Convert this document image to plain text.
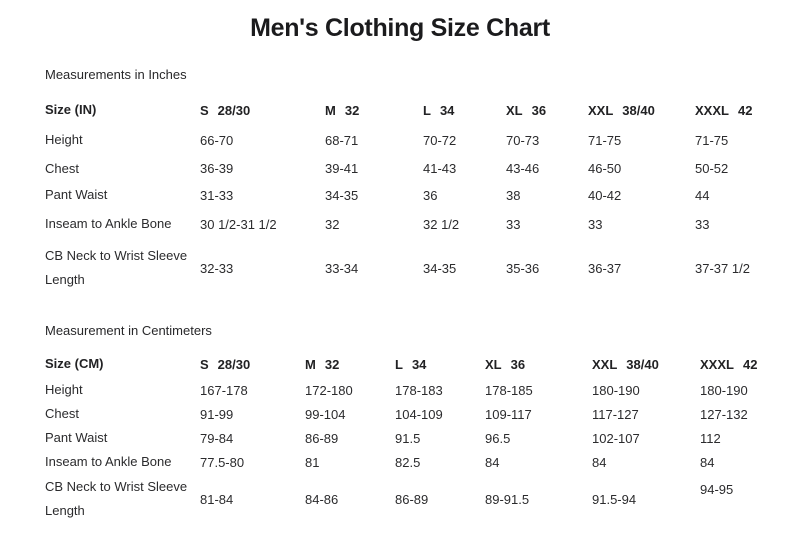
Men's Clothing Size Chart

Measurements in Inches

Size (IN)	S 28/30	M 32	L 34	XL 36	XXL 38/40	XXXL 42
Height	66-70	68-71	70-72	70-73	71-75	71-75
Chest	36-39	39-41	41-43	43-46	46-50	50-52
Pant Waist	31-33	34-35	36	38	40-42	44
Inseam to Ankle Bone	30 1/2-31 1/2	32	32 1/2	33	33	33
CB Neck to Wrist Sleeve Length	32-33	33-34	34-35	35-36	36-37	37-37 1/2

Measurement in Centimeters

Size (CM)	S 28/30	M 32	L 34	XL 36	XXL 38/40	XXXL 42
Height	167-178	172-180	178-183	178-185	180-190	180-190
Chest	91-99	99-104	104-109	109-117	117-127	127-132
Pant Waist	79-84	86-89	91.5	96.5	102-107	112
Inseam to Ankle Bone	77.5-80	81	82.5	84	84	84
CB Neck to Wrist Sleeve Length	81-84	84-86	86-89	89-91.5	91.5-94	94-95
